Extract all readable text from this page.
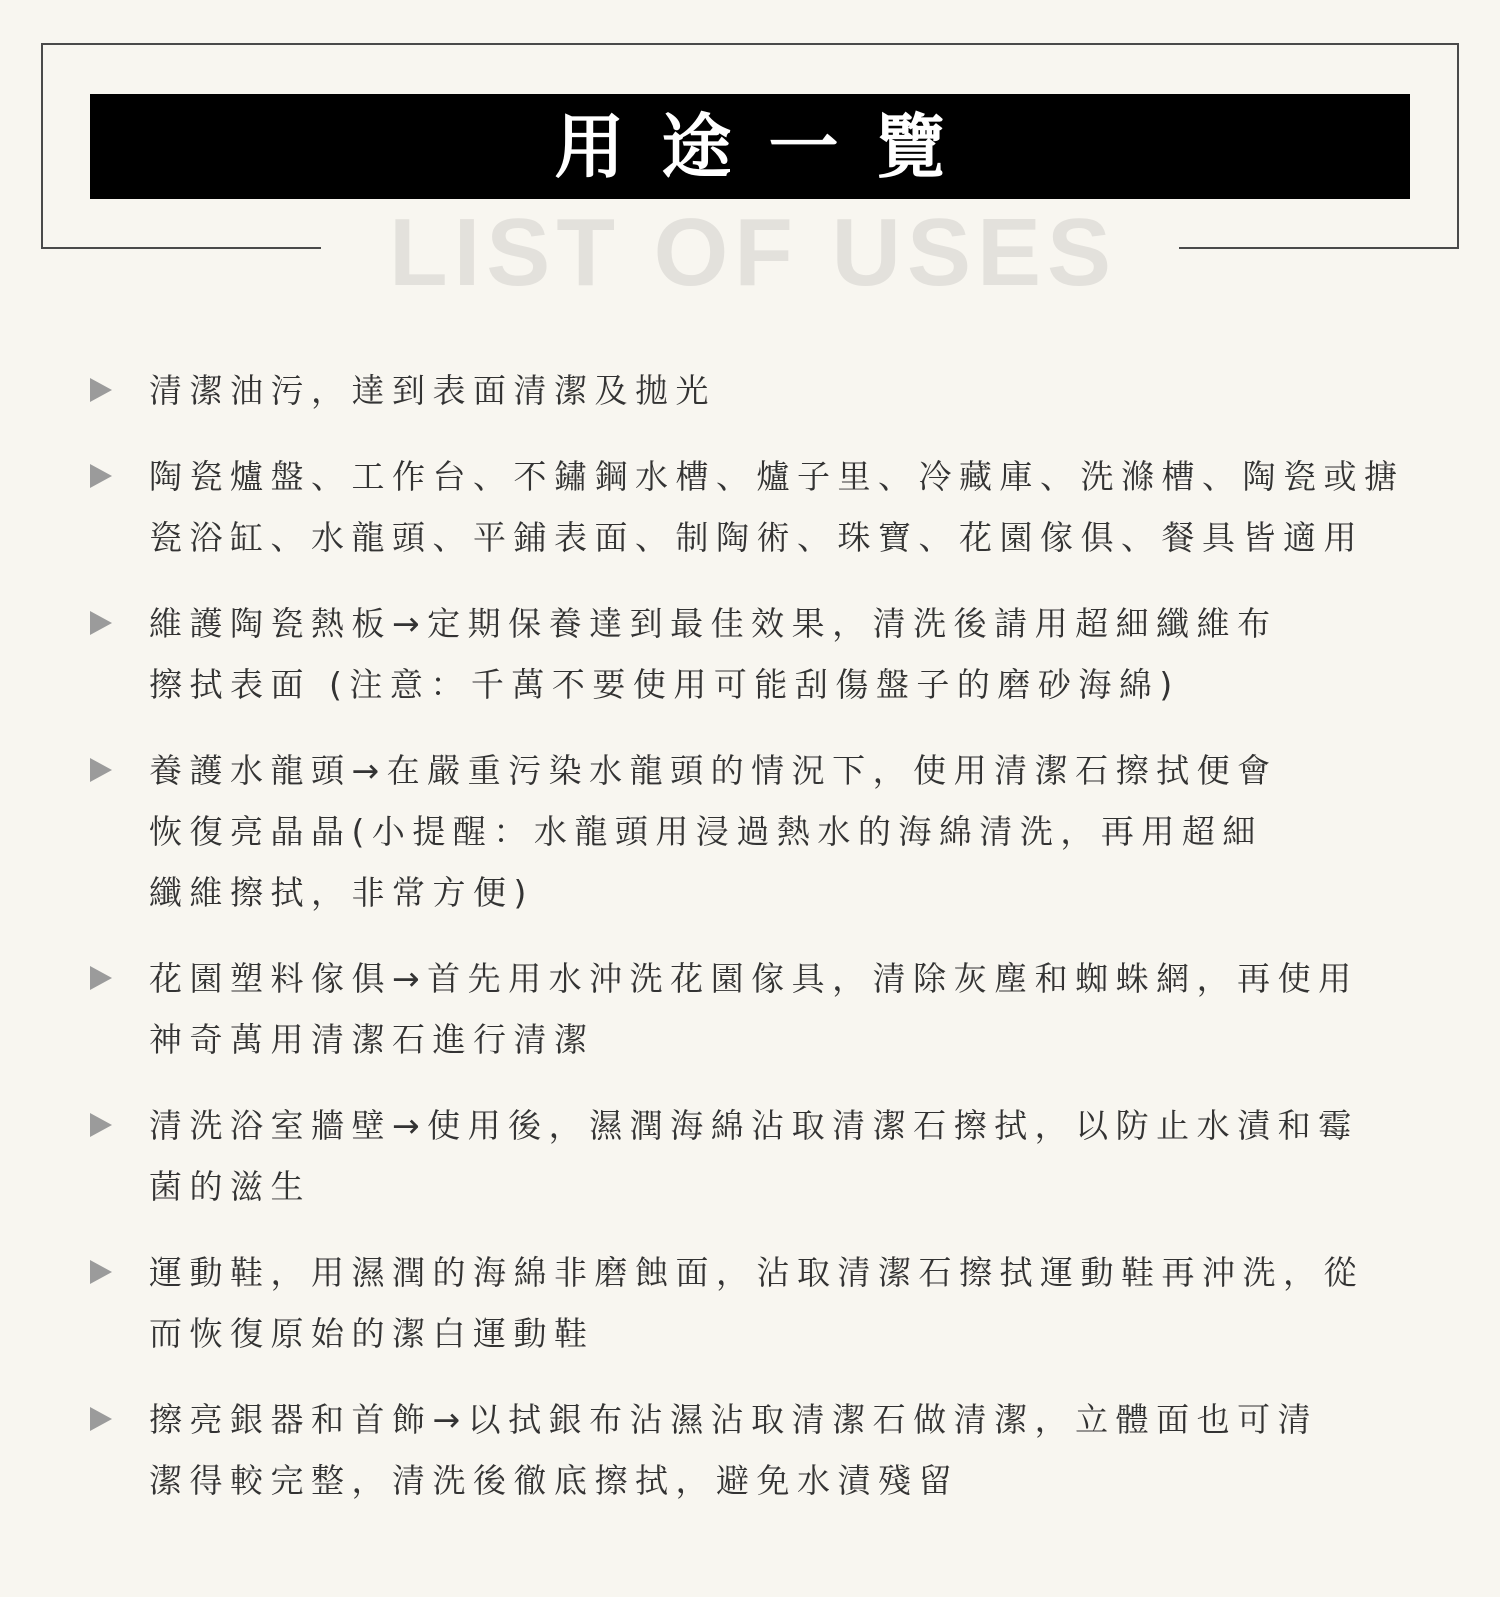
用途一覽
LIST OF USES
清潔油污，達到表面清潔及拋光
陶瓷爐盤、工作台、不鏽鋼水槽、爐子里、冷藏庫、洗滌槽、陶瓷或搪
瓷浴缸、水龍頭、平鋪表面、制陶術、珠寶、花園傢俱、餐具皆適用
維護陶瓷熱板→定期保養達到最佳效果，清洗後請用超細纖維布
擦拭表面 (注意：千萬不要使用可能刮傷盤子的磨砂海綿)
養護水龍頭→在嚴重污染水龍頭的情況下，使用清潔石擦拭便會
恢復亮晶晶(小提醒：水龍頭用浸過熱水的海綿清洗，再用超細
纖維擦拭，非常方便)
花園塑料傢俱→首先用水沖洗花園傢具，清除灰塵和蜘蛛網，再使用
神奇萬用清潔石進行清潔
清洗浴室牆壁→使用後，濕潤海綿沾取清潔石擦拭，以防止水漬和霉
菌的滋生
運動鞋，用濕潤的海綿非磨蝕面，沾取清潔石擦拭運動鞋再沖洗，從
而恢復原始的潔白運動鞋
擦亮銀器和首飾→以拭銀布沾濕沾取清潔石做清潔，立體面也可清
潔得較完整，清洗後徹底擦拭，避免水漬殘留
